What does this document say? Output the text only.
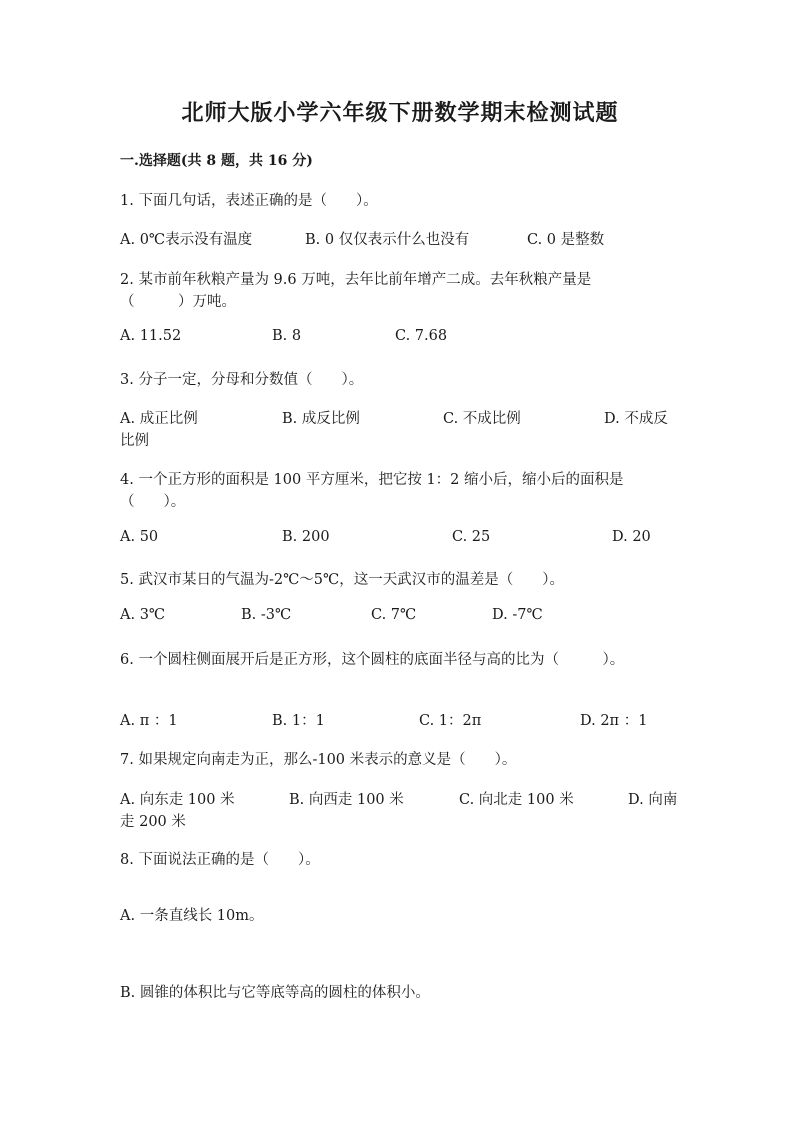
北师大版小学六年级下册数学期末检测试题
一.选择题(共 8 题，共 16 分)
1. 下面几句话，表述正确的是（　　）。
A. 0℃表示没有温度	B. 0 仅仅表示什么也没有	C. 0 是整数
2. 某市前年秋粮产量为 9.6 万吨，去年比前年增产二成。去年秋粮产量是
（　　　）万吨。
A. 11.52	B. 8	C. 7.68
3. 分子一定，分母和分数值（　　）。
A. 成正比例	B. 成反比例	C. 不成比例	D. 不成反
比例
4. 一个正方形的面积是 100 平方厘米，把它按 1：2 缩小后，缩小后的面积是
（　　）。
A. 50	B. 200	C. 25	D. 20
5. 武汉市某日的气温为-2℃～5℃，这一天武汉市的温差是（　　）。
A. 3℃	B. -3℃	C. 7℃	D. -7℃
6. 一个圆柱侧面展开后是正方形，这个圆柱的底面半径与高的比为（　　　）。
A. π ：1	B. 1：1	C. 1：2π	D. 2π ：1
7. 如果规定向南走为正，那么-100 米表示的意义是（　　）。
A. 向东走 100 米	B. 向西走 100 米	C. 向北走 100 米	D. 向南
走 200 米
8. 下面说法正确的是（　　）。
A. 一条直线长 10m。
B. 圆锥的体积比与它等底等高的圆柱的体积小。
